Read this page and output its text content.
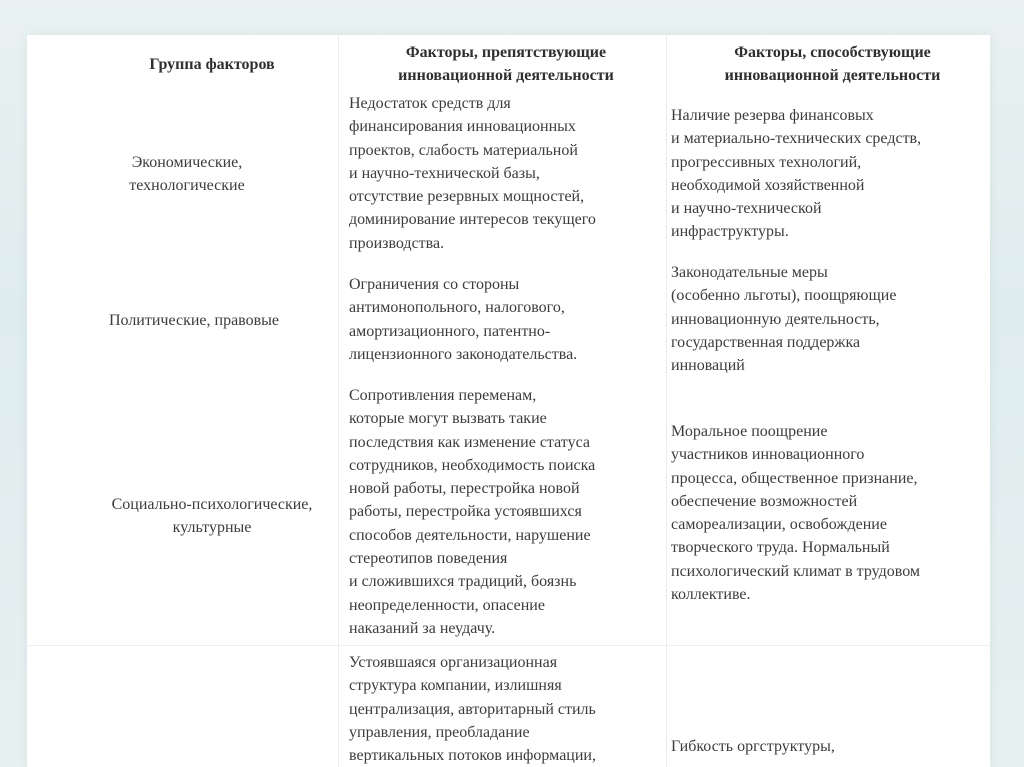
Группа факторов
Факторы, препятствующие
инновационной деятельности
Факторы, способствующие
инновационной деятельности
Экономические,
технологические
Недостаток средств для
финансирования инновационных
проектов, слабость материальной
и научно-технической базы,
отсутствие резервных мощностей,
доминирование интересов текущего
производства.
Наличие резерва финансовых
и материально-технических средств,
прогрессивных технологий,
необходимой хозяйственной
и научно-технической
инфраструктуры.
Политические, правовые
Ограничения со стороны
антимонопольного, налогового,
амортизационного, патентно-
лицензионного законодательства.
Законодательные меры
(особенно льготы), поощряющие
инновационную деятельность,
государственная поддержка
инноваций
Социально-психологические,
культурные
Сопротивления переменам,
которые могут вызвать такие
последствия как изменение статуса
сотрудников, необходимость поиска
новой работы, перестройка новой
работы, перестройка устоявшихся
способов деятельности, нарушение
стереотипов поведения
и сложившихся традиций, боязнь
неопределенности, опасение
наказаний за неудачу.
Моральное поощрение
участников инновационного
процесса, общественное признание,
обеспечение возможностей
самореализации, освобождение
творческого труда. Нормальный
психологический климат в трудовом
коллективе.
Устоявшаяся организационная
структура компании, излишняя
централизация, авторитарный стиль
управления, преобладание
вертикальных потоков информации,
Гибкость оргструктуры,
